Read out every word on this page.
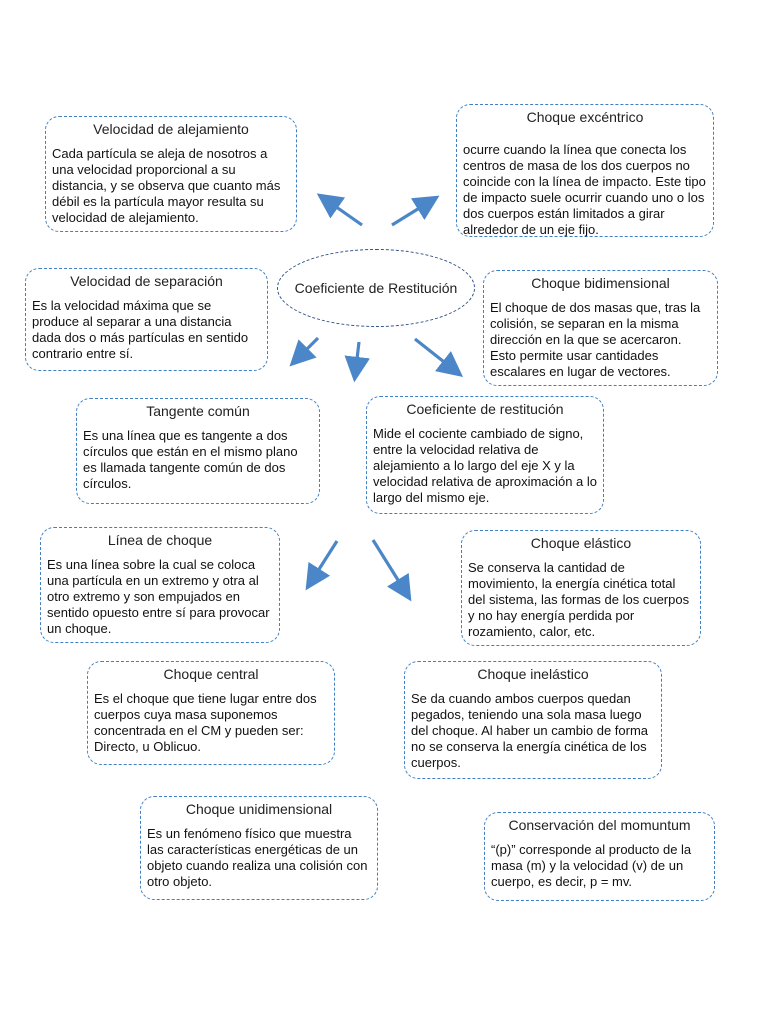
Coeficiente de Restitución
Velocidad de alejamiento
Cada partícula se aleja de nosotros a una velocidad proporcional a su distancia, y se observa que cuanto más débil es la partícula mayor resulta su velocidad de alejamiento.
Choque excéntrico
ocurre cuando la línea que conecta los centros de masa de los dos cuerpos no coincide con la línea de impacto. Este tipo de impacto suele ocurrir cuando uno o los dos cuerpos están limitados a girar alrededor de un eje fijo.
Velocidad de separación
Es la velocidad máxima que se produce al separar a una distancia dada dos o más partículas en sentido contrario entre sí.
Choque bidimensional
El choque de dos masas que, tras la colisión, se separan en la misma dirección en la que se acercaron. Esto permite usar cantidades escalares en lugar de vectores.
Tangente común
Es una línea que es tangente a dos círculos que están en el mismo plano es llamada tangente común de dos círculos.
Coeficiente de restitución
Mide el cociente cambiado de signo, entre la velocidad relativa de alejamiento a lo largo del eje X y la velocidad relativa de aproximación a lo largo del mismo eje.
Línea de choque
Es una línea sobre la cual se coloca una partícula en un extremo y otra al otro extremo y son empujados en sentido opuesto entre sí para provocar un choque.
Choque elástico
Se conserva la cantidad de movimiento, la energía cinética total del sistema, las formas de los cuerpos y no hay energía perdida por rozamiento, calor, etc.
Choque central
Es el choque que tiene lugar entre dos cuerpos cuya masa suponemos concentrada en el CM y pueden ser: Directo, u Oblicuo.
Choque inelástico
Se da cuando ambos cuerpos quedan pegados, teniendo una sola masa luego del choque. Al haber un cambio de forma no se conserva la energía cinética de los cuerpos.
Choque unidimensional
Es un fenómeno físico que muestra las características energéticas de un objeto cuando realiza una colisión con otro objeto.
Conservación del momuntum
“(p)” corresponde al producto de la masa (m) y la velocidad (v) de un cuerpo, es decir, p = mv.
